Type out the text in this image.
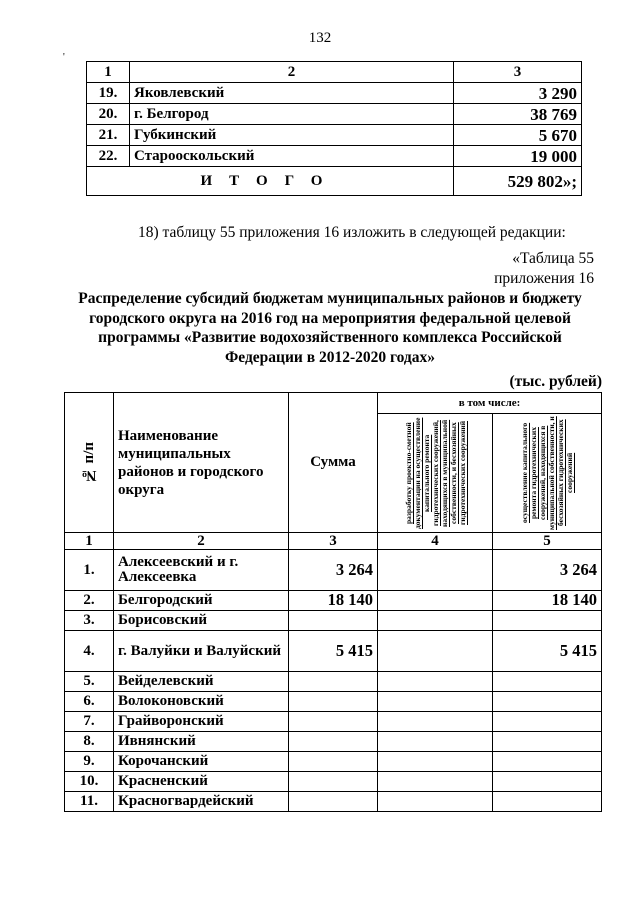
132
'
1	2	3
19.	Яковлевский	3 290
20.	г. Белгород	38 769
21.	Губкинский	5 670
22.	Старооскольский	19 000
ИТОГО		529 802»;
18) таблицу 55 приложения 16 изложить в следующей редакции:
«Таблица 55
приложения 16
Распределение субсидий бюджетам муниципальных районов и бюджету городского округа на 2016 год на мероприятия федеральной целевой программы «Развитие водохозяйственного комплекса Российской Федерации в 2012-2020 годах»
(тыс. рублей)
№ п/п	Наименование муниципальных районов и городского округа	Сумма	в том числе:	

			разработку проектно-сметной документации на осуществление капитального ремонта гидротехнических сооружений, находящихся в муниципальной собственности, и бесхозяйных гидротехнических сооружений	осуществление капитального ремонта гидротехнических сооружений, находящихся в муниципальной собственности, и бесхозяйных гидротехнических сооружений

1	2	3	4	5
1.	Алексеевский и г. Алексеевка	3 264		3 264
2.	Белгородский	18 140		18 140
3.	Борисовский			
4.	г. Валуйки и Валуйский	5 415		5 415
5.	Вейделевский			
6.	Волоконовский			
7.	Грайворонский			
8.	Ивнянский			
9.	Корочанский			
10.	Красненский			
11.	Красногвардейский			
